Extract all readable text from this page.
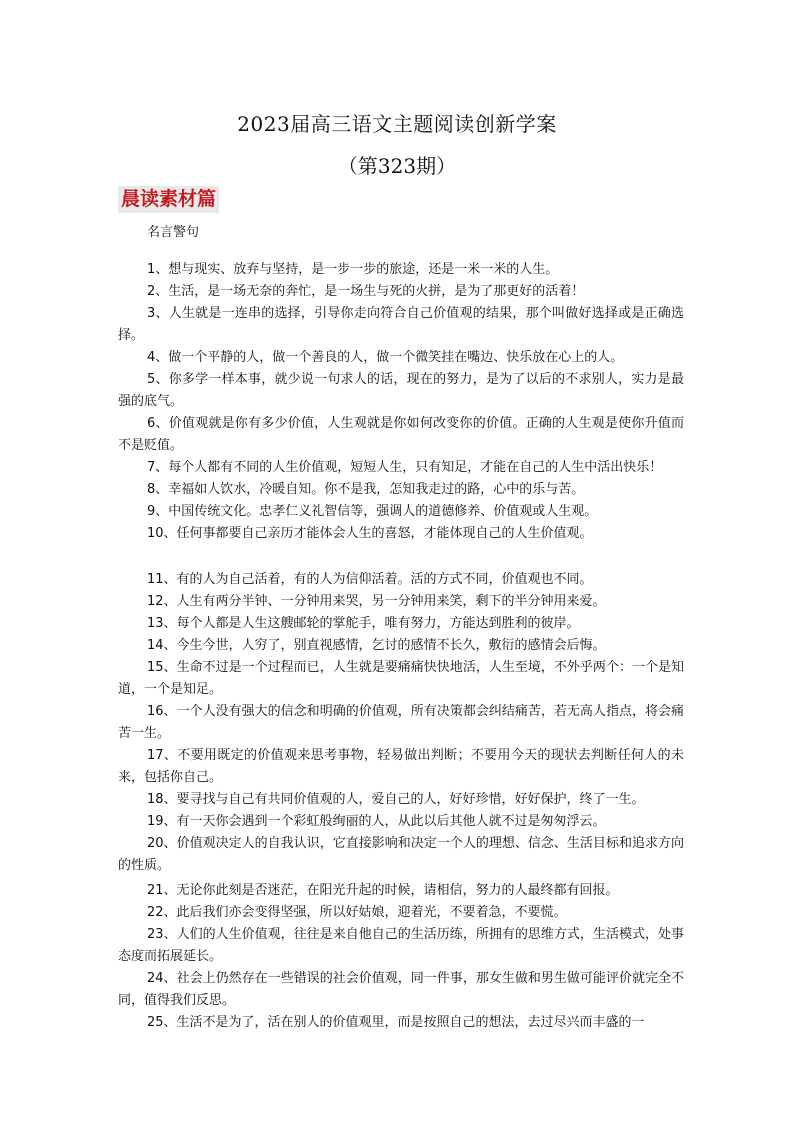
2023届高三语文主题阅读创新学案
（第323期）
晨读素材篇
名言警句
1、想与现实、放弃与坚持，是一步一步的旅途，还是一米一米的人生。
2、生活，是一场无奈的奔忙，是一场生与死的火拼，是为了那更好的活着！
3、人生就是一连串的选择，引导你走向符合自己价值观的结果，那个叫做好选择或是正确选择。
4、做一个平静的人，做一个善良的人，做一个微笑挂在嘴边、快乐放在心上的人。
5、你多学一样本事，就少说一句求人的话，现在的努力，是为了以后的不求别人，实力是最强的底气。
6、价值观就是你有多少价值，人生观就是你如何改变你的价值。正确的人生观是使你升值而不是贬值。
7、每个人都有不同的人生价值观，短短人生，只有知足，才能在自己的人生中活出快乐！
8、幸福如人饮水，冷暖自知。你不是我，怎知我走过的路，心中的乐与苦。
9、中国传统文化。忠孝仁义礼智信等，强调人的道德修养、价值观或人生观。
10、任何事都要自己亲历才能体会人生的喜怒，才能体现自己的人生价值观。
11、有的人为自己活着，有的人为信仰活着。活的方式不同，价值观也不同。
12、人生有两分半钟、一分钟用来哭，另一分钟用来笑，剩下的半分钟用来爱。
13、每个人都是人生这艘邮轮的掌舵手，唯有努力，方能达到胜利的彼岸。
14、今生今世，人穷了，别直视感情，乞讨的感情不长久，敷衍的感情会后悔。
15、生命不过是一个过程而已，人生就是要痛痛快快地活，人生至境，不外乎两个：一个是知道，一个是知足。
16、一个人没有强大的信念和明确的价值观，所有决策都会纠结痛苦，若无高人指点，将会痛苦一生。
17、不要用既定的价值观来思考事物，轻易做出判断；不要用今天的现状去判断任何人的未来，包括你自己。
18、要寻找与自己有共同价值观的人，爱自己的人，好好珍惜，好好保护，终了一生。
19、有一天你会遇到一个彩虹般绚丽的人，从此以后其他人就不过是匆匆浮云。
20、价值观决定人的自我认识，它直接影响和决定一个人的理想、信念、生活目标和追求方向的性质。
21、无论你此刻是否迷茫，在阳光升起的时候，请相信，努力的人最终都有回报。
22、此后我们亦会变得坚强，所以好姑娘，迎着光，不要着急，不要慌。
23、人们的人生价值观，往往是来自他自己的生活历练，所拥有的思维方式，生活模式，处事态度而拓展延长。
24、社会上仍然存在一些错误的社会价值观，同一件事，那女生做和男生做可能评价就完全不同，值得我们反思。
25、生活不是为了，活在别人的价值观里，而是按照自己的想法，去过尽兴而丰盛的一
